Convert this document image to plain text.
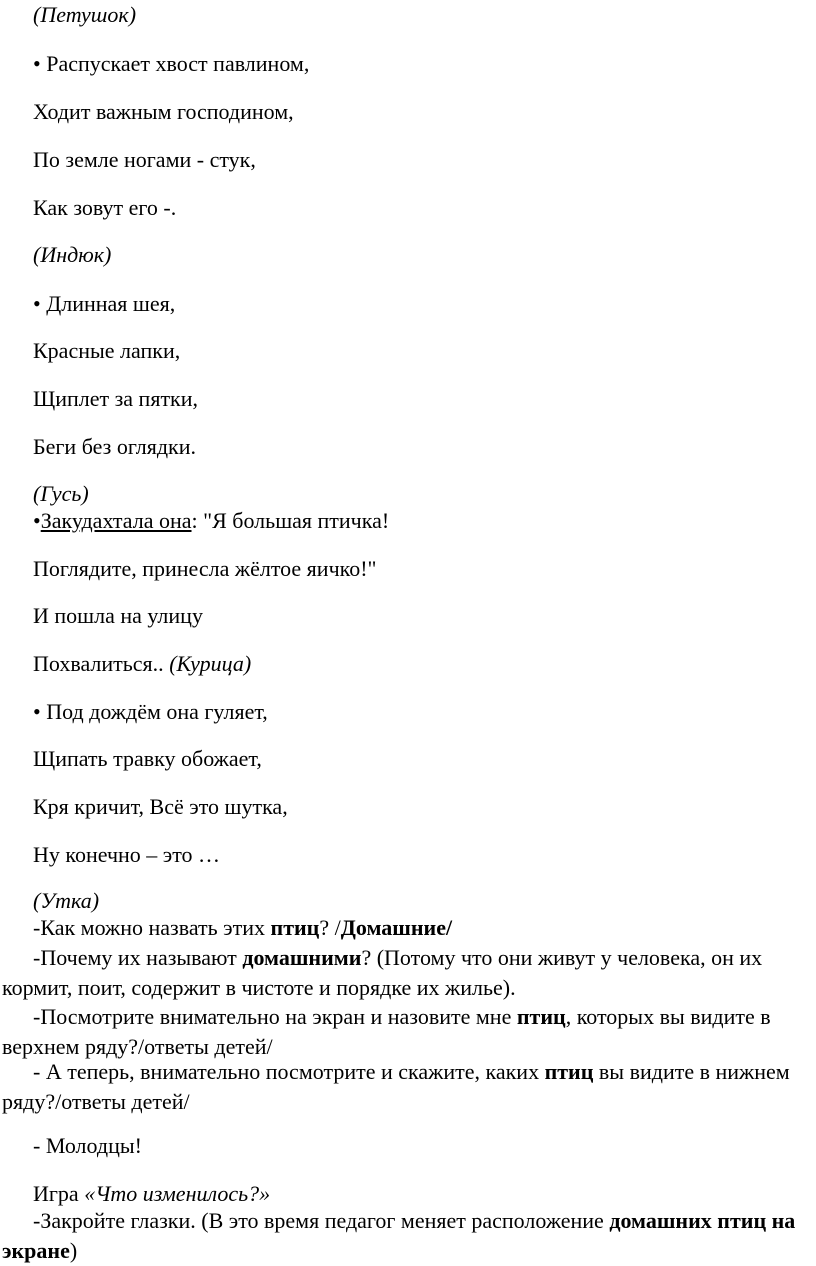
(Петушок)
• Распускает хвост павлином,
Ходит важным господином,
По земле ногами - стук,
Как зовут его -.
(Индюк)
• Длинная шея,
Красные лапки,
Щиплет за пятки,
Беги без оглядки.
(Гусь)
•Закудахтала она: "Я большая птичка!
Поглядите, принесла жёлтое яичко!"
И пошла на улицу
Похвалиться.. (Курица)
• Под дождём она гуляет,
Щипать травку обожает,
Кря кричит, Всё это шутка,
Ну конечно – это …
(Утка)
-Как можно назвать этих птиц? /Домашние/

-Почему их называют домашними? (Потому что они живут у человека, он их кормит, поит, содержит в чистоте и порядке их жилье).

-Посмотрите внимательно на экран и назовите мне птиц, которых вы видите в верхнем ряду?/ответы детей/

- А теперь, внимательно посмотрите и скажите, каких птиц вы видите в нижнем ряду?/ответы детей/

- Молодцы!
Игра «Что изменилось?»

-Закройте глазки. (В это время педагог меняет расположение домашних птиц на экране)
